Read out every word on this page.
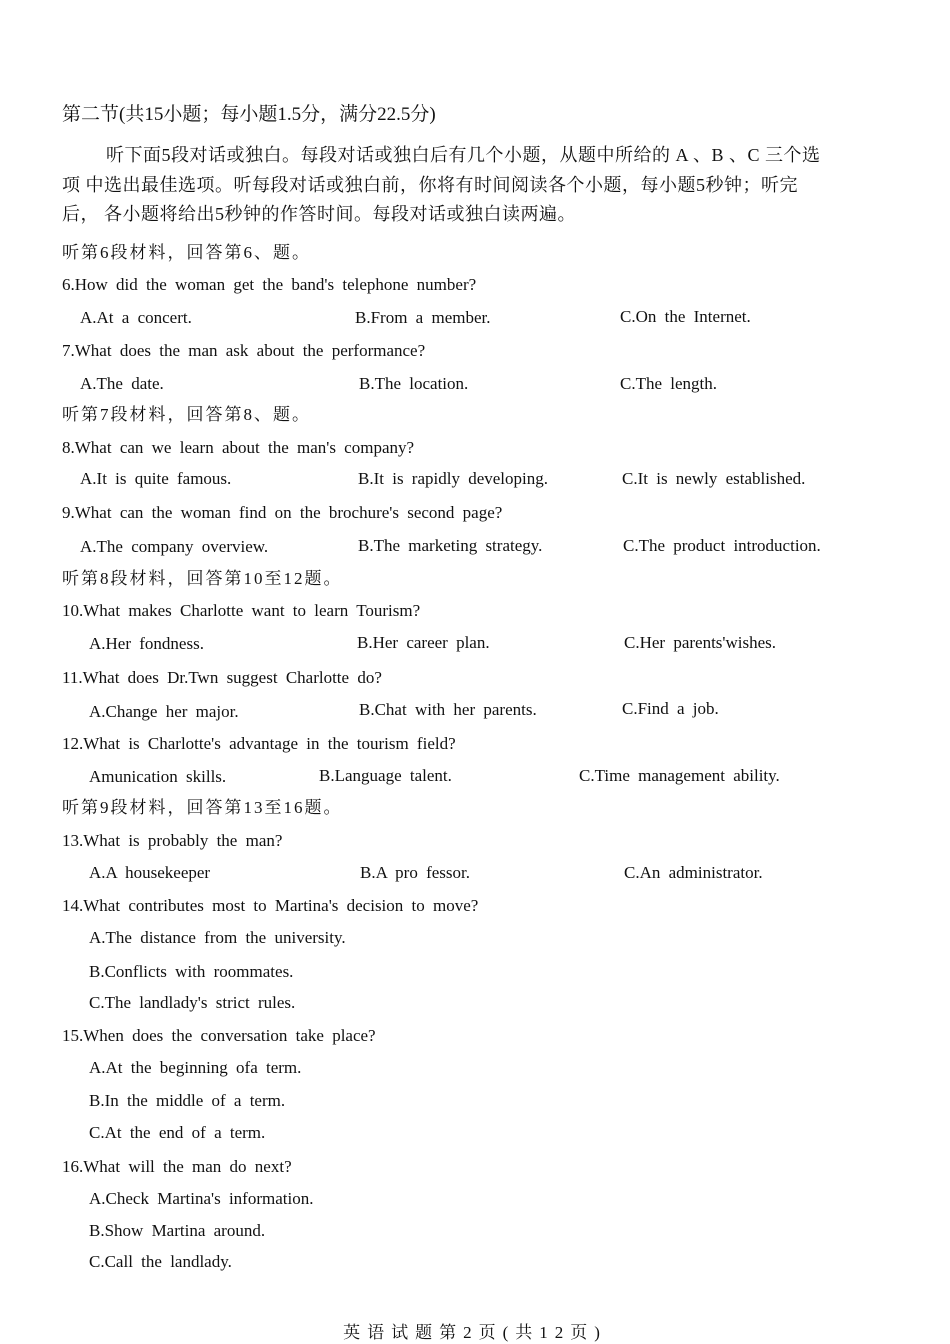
第二节(共15小题；每小题1.5分，满分22.5分)
听下面5段对话或独白。每段对话或独白后有几个小题，从题中所给的 A 、B 、C 三个选
项 中选出最佳选项。听每段对话或独白前，你将有时间阅读各个小题，每小题5秒钟；听完
后， 各小题将给出5秒钟的作答时间。每段对话或独白读两遍。
听第6段材料，回答第6、题。
6.How did the woman get the band's telephone number?
A.At a concert.	B.From a member.	C.On the Internet.
7.What does the man ask about the performance?
A.The date.	B.The location.	C.The length.
听第7段材料，回答第8、题。
8.What can we learn about the man's company?
A.It is quite famous.	B.It is rapidly developing.	C.It is newly established.
9.What can the woman find on the brochure's second page?
A.The company overview.	B.The marketing strategy.	C.The product introduction.
听第8段材料，回答第10至12题。
10.What makes Charlotte want to learn Tourism?
A.Her fondness.	B.Her career plan.	C.Her parents'wishes.
11.What does Dr.Twn suggest Charlotte do?
A.Change her major.	B.Chat with her parents.	C.Find a job.
12.What is Charlotte's advantage in the tourism field?
Amunication skills.	B.Language talent.	C.Time management ability.
听第9段材料，回答第13至16题。
13.What is probably the man?
A.A housekeeper	B.A pro fessor.	C.An administrator.
14.What contributes most to Martina's decision to move?
A.The distance from the university.
B.Conflicts with roommates.
C.The landlady's strict rules.
15.When does the conversation take place?
A.At the beginning ofa term.
B.In the middle of a term.
C.At the end of a term.
16.What will the man do next?
A.Check Martina's information.
B.Show Martina around.
C.Call the landlady.
英语试题第2页(共12页)
